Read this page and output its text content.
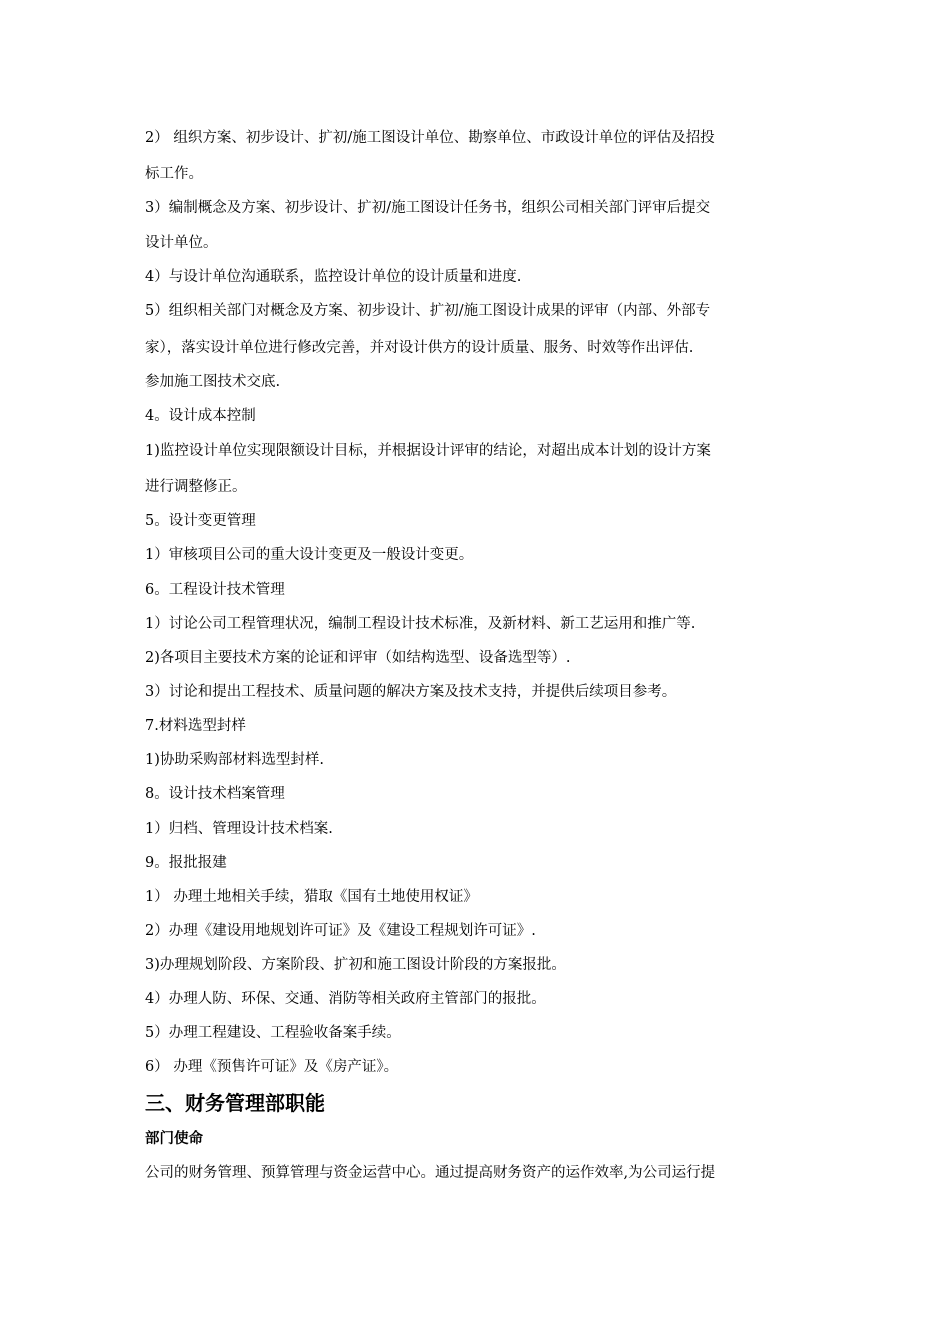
2） 组织方案、初步设计、扩初/施工图设计单位、勘察单位、市政设计单位的评估及招投
标工作。
3）编制概念及方案、初步设计、扩初/施工图设计任务书，组织公司相关部门评审后提交
设计单位。
4）与设计单位沟通联系，监控设计单位的设计质量和进度.
5）组织相关部门对概念及方案、初步设计、扩初/施工图设计成果的评审（内部、外部专
家），落实设计单位进行修改完善，并对设计供方的设计质量、服务、时效等作出评估.
参加施工图技术交底.
4。设计成本控制
1)监控设计单位实现限额设计目标，并根据设计评审的结论，对超出成本计划的设计方案
进行调整修正。
5。设计变更管理
1）审核项目公司的重大设计变更及一般设计变更。
6。工程设计技术管理
1）讨论公司工程管理状况，编制工程设计技术标准，及新材料、新工艺运用和推广等.
2)各项目主要技术方案的论证和评审（如结构选型、设备选型等）.
3）讨论和提出工程技术、质量问题的解决方案及技术支持，并提供后续项目参考。
7.材料选型封样
1)协助采购部材料选型封样.
8。设计技术档案管理
1）归档、管理设计技术档案.
9。报批报建
1） 办理土地相关手续，猎取《国有土地使用权证》
2）办理《建设用地规划许可证》及《建设工程规划许可证》.
3)办理规划阶段、方案阶段、扩初和施工图设计阶段的方案报批。
4）办理人防、环保、交通、消防等相关政府主管部门的报批。
5）办理工程建设、工程验收备案手续。
6） 办理《预售许可证》及《房产证》。
三、财务管理部职能
部门使命
公司的财务管理、预算管理与资金运营中心。通过提高财务资产的运作效率,为公司运行提
